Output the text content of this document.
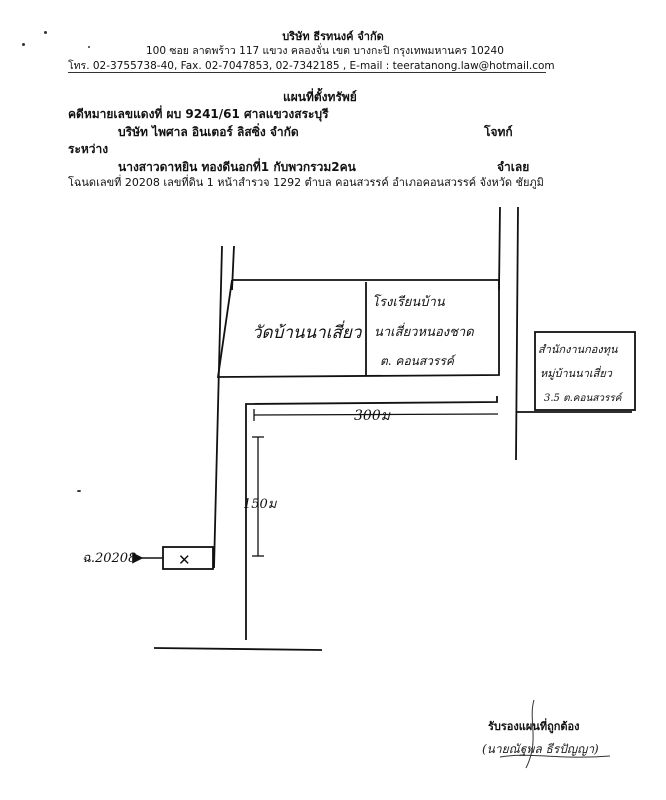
บริษัท ธีรทนงค์ จำกัด
100 ซอย ลาดพร้าว 117 แขวง คลองจั่น เขต บางกะปิ กรุงเทพมหานคร 10240
โทร. 02-3755738-40, Fax. 02-7047853, 02-7342185 , E-mail : teeratanong.law@hotmail.com
แผนที่ตั้งทรัพย์
คดีหมายเลขแดงที่ ผบ 9241/61 ศาลแขวงสระบุรี
บริษัท ไพศาล อินเตอร์ ลิสซิ่ง จำกัด	โจทก์
ระหว่าง
นางสาวดาหยิน ทองดีนอกที่1 กับพวกรวม2คน	จำเลย
โฉนดเลขที่ 20208 เลขที่ดิน 1 หน้าสำรวจ 1292 ตำบล คอนสวรรค์ อำเภอคอนสวรรค์ จังหวัด ชัยภูมิ
วัดบ้านนาเสี่ยว
โรงเรียนบ้าน
นาเสี่ยวหนองชาด
ต. คอนสวรรค์
สำนักงานกองทุน
หมู่บ้านนาเสี่ยว
3.5 ต.คอนสวรรค์
300ม
150ม
✕
ฉ.20208
รับรองแผนที่ถูกต้อง
(นายณัฐพล ธีรปัญญา)
